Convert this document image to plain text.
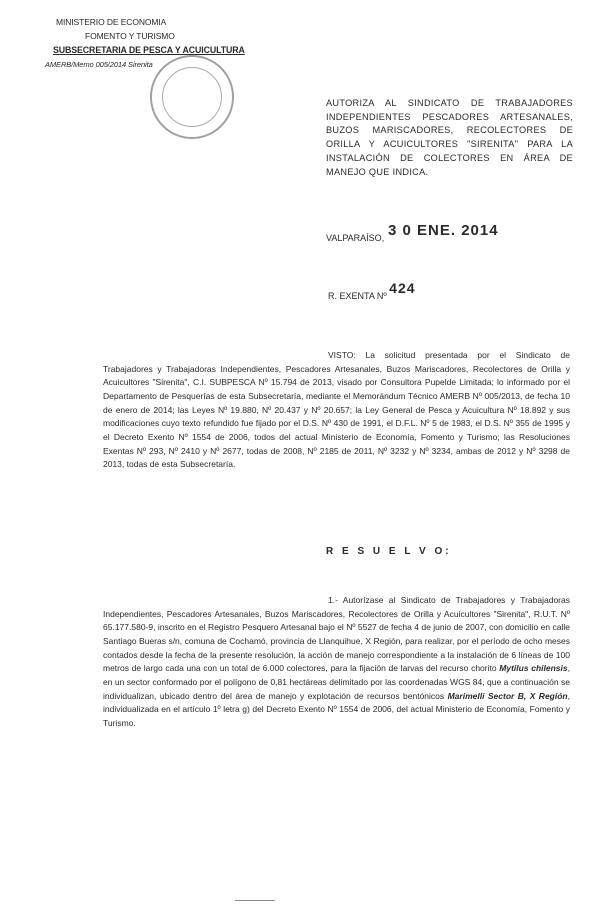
MINISTERIO DE ECONOMIA
FOMENTO Y TURISMO
SUBSECRETARIA DE PESCA Y ACUICULTURA
AMERB/Memo 005/2014 Sirenita
AUTORIZA AL SINDICATO DE TRABAJADORES INDEPENDIENTES PESCADORES ARTESANALES, BUZOS MARISCADORES, RECOLECTORES DE ORILLA Y ACUICULTORES "SIRENITA" PARA LA INSTALACIÓN DE COLECTORES EN ÁREA DE MANEJO QUE INDICA.
VALPARAÍSO, 3 0 ENE. 2014
R. EXENTA Nº 424

VISTO: La solicitud presentada por el Sindicato de Trabajadores y Trabajadoras Independientes, Pescadores Artesanales, Buzos Mariscadores, Recolectores de Orilla y Acuicultores "Sirenita", C.I. SUBPESCA Nº 15.794 de 2013, visado por Consultora Pupelde Limitada; lo informado por el Departamento de Pesquerías de esta Subsecretaría, mediante el Memorándum Técnico AMERB Nº 005/2013, de fecha 10 de enero de 2014; las Leyes Nº 19.880, Nº 20.437 y Nº 20.657; la Ley General de Pesca y Acuicultura Nº 18.892 y sus modificaciones cuyo texto refundido fue fijado por el D.S. Nº 430 de 1991, el D.F.L. Nº 5 de 1983, el D.S. Nº 355 de 1995 y el Decreto Exento Nº 1554 de 2006, todos del actual Ministerio de Economía, Fomento y Turismo; las Resoluciones Exentas Nº 293, Nº 2410 y Nº 2677, todas de 2008, Nº 2185 de 2011, Nº 3232 y Nº 3234, ambas de 2012 y Nº 3298 de 2013, todas de esta Subsecretaría.

R E S U E L V O:

1.- Autorízase al Sindicato de Trabajadores y Trabajadoras Independientes, Pescadores Artesanales, Buzos Mariscadores, Recolectores de Orilla y Acuicultores "Sirenita", R.U.T. Nº 65.177.580-9, inscrito en el Registro Pesquero Artesanal bajo el Nº 5527 de fecha 4 de junio de 2007, con domicilio en calle Santiago Bueras s/n, comuna de Cochamó, provincia de Llanquihue, X Región, para realizar, por el período de ocho meses contados desde la fecha de la presente resolución, la acción de manejo correspondiente a la instalación de 6 líneas de 100 metros de largo cada una con un total de 6.000 colectores, para la fijación de larvas del recurso chorito Mytilus chilensis, en un sector conformado por el polígono de 0,81 hectáreas delimitado por las coordenadas WGS 84, que a continuación se individualizan, ubicado dentro del área de manejo y explotación de recursos bentónicos Marimelli Sector B, X Región, individualizada en el artículo 1º letra g) del Decreto Exento Nº 1554 de 2006, del actual Ministerio de Economía, Fomento y Turismo.
